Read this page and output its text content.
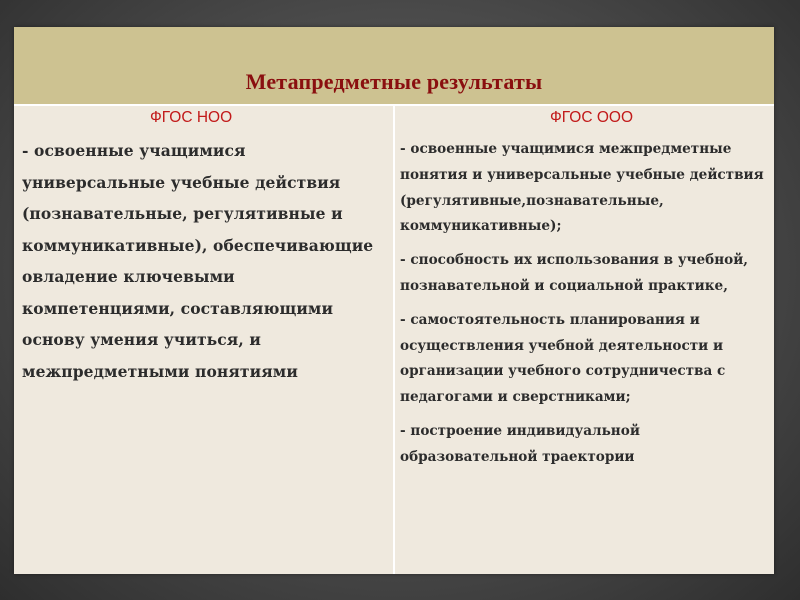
Метапредметные результаты
ФГОС НОО
- освоенные учащимися универсальные учебные действия (познавательные, регулятивные и коммуникативные), обеспечивающие овладение ключевыми компетенциями, составляющими основу умения учиться, и межпредметными понятиями
ФГОС ООО
- освоенные учащимися межпредметные понятия и универсальные учебные действия (регулятивные,познавательные, коммуникативные);
- способность их использования в учебной, познавательной и социальной практике,
- самостоятельность планирования и осуществления учебной деятельности и организации учебного сотрудничества с педагогами и сверстниками;
- построение индивидуальной образовательной траектории
